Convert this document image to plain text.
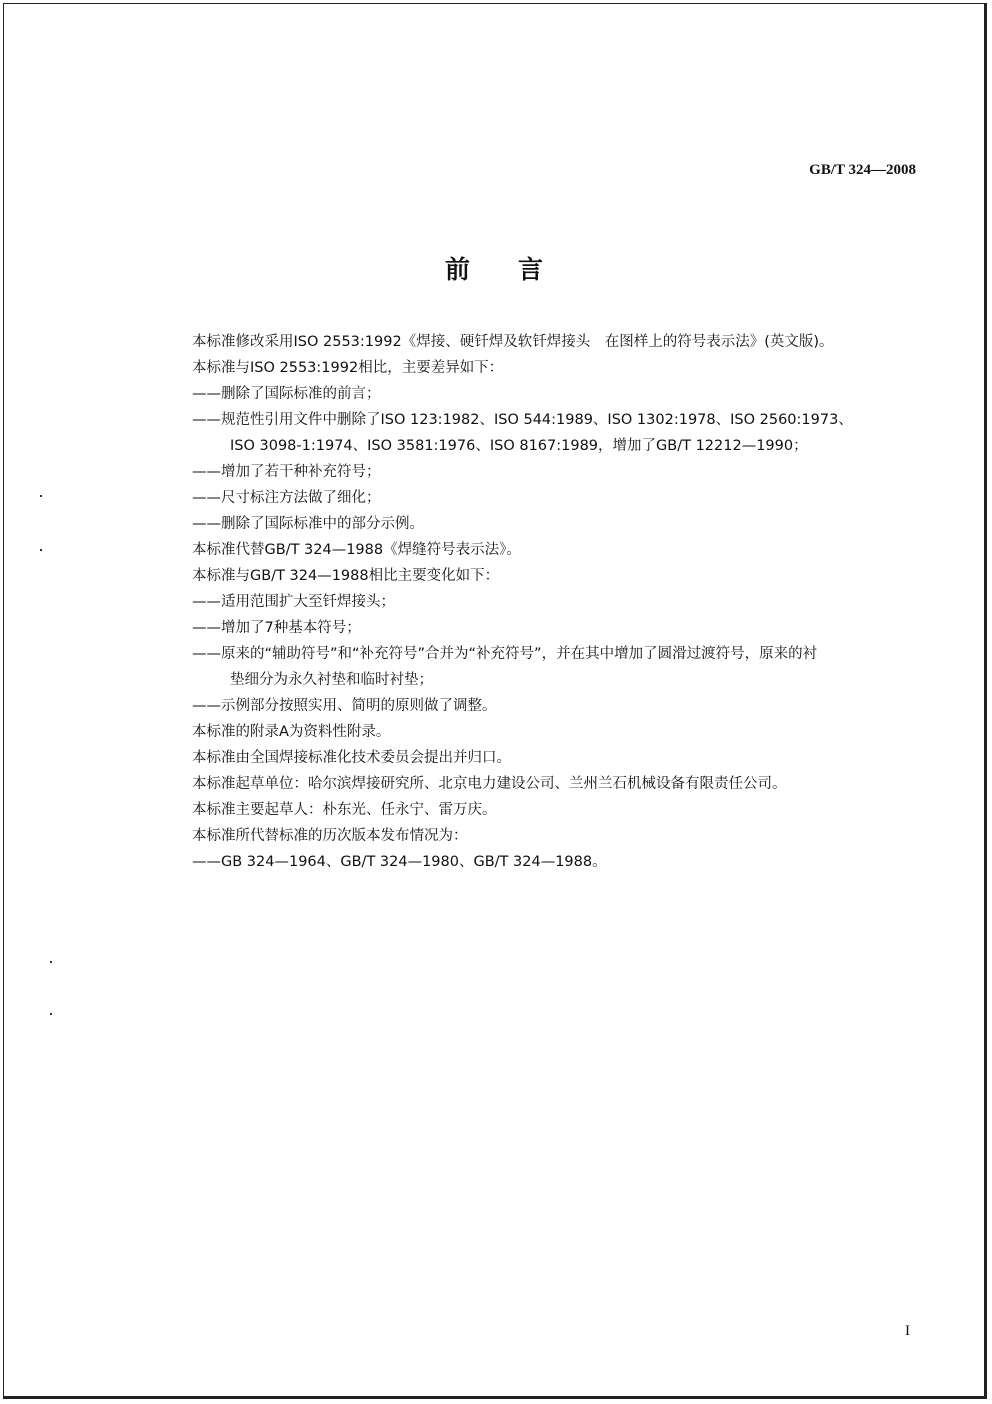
GB/T 324—2008
前言
本标准修改采用ISO 2553:1992《焊接、硬钎焊及软钎焊接头　在图样上的符号表示法》(英文版)。
本标准与ISO 2553:1992相比，主要差异如下：
——删除了国际标准的前言；
——规范性引用文件中删除了ISO 123:1982、ISO 544:1989、ISO 1302:1978、ISO 2560:1973、
ISO 3098-1:1974、ISO 3581:1976、ISO 8167:1989，增加了GB/T 12212—1990；
——增加了若干种补充符号；
——尺寸标注方法做了细化；
——删除了国际标准中的部分示例。
本标准代替GB/T 324—1988《焊缝符号表示法》。
本标准与GB/T 324—1988相比主要变化如下：
——适用范围扩大至钎焊接头；
——增加了7种基本符号；
——原来的“辅助符号”和“补充符号”合并为“补充符号”，并在其中增加了圆滑过渡符号，原来的衬
垫细分为永久衬垫和临时衬垫；
——示例部分按照实用、简明的原则做了调整。
本标准的附录A为资料性附录。
本标准由全国焊接标准化技术委员会提出并归口。
本标准起草单位：哈尔滨焊接研究所、北京电力建设公司、兰州兰石机械设备有限责任公司。
本标准主要起草人：朴东光、任永宁、雷万庆。
本标准所代替标准的历次版本发布情况为：
——GB 324—1964、GB/T 324—1980、GB/T 324—1988。
I
